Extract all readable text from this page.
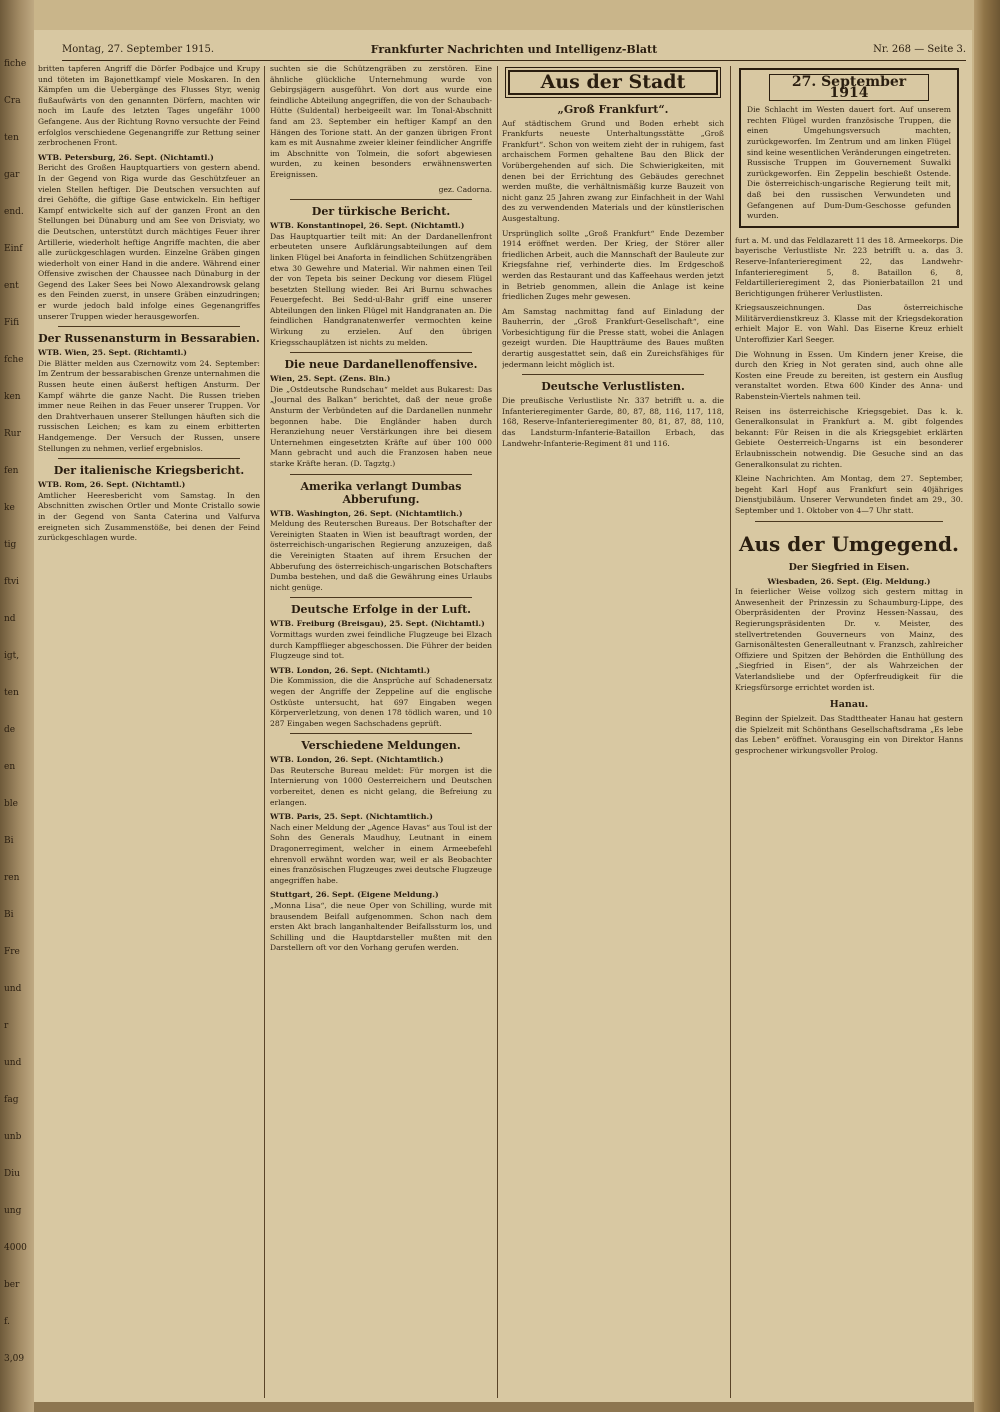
fiche
Cra
ten
gar
end.
Einf
ent
Fifi
fche
ken
Rur
fen
ke
tig
ftvi
nd
igt,
ten
de
en
ble
Bi
ren
Bi
Fre
und
r
und
fag
unb
Diu
ung
4000
ber
f.
3,09
Montag, 27. September 1915.	Frankfurter Nachrichten und Intelligenz-Blatt	Nr. 268 — Seite 3.
britten tapferen Angriff die Dörfer Podbajce und Krupy und töteten im Bajonettkampf viele Moskaren. In den Kämpfen um die Uebergänge des Flusses Styr, wenig flußaufwärts von den genannten Dörfern, machten wir noch im Laufe des letzten Tages ungefähr 1000 Gefangene. Aus der Richtung Rovno versuchte der Feind erfolglos verschiedene Gegenangriffe zur Rettung seiner zerbrochenen Front.
WTB. Petersburg, 26. Sept. (Nichtamtl.)
Bericht des Großen Hauptquartiers von gestern abend. In der Gegend von Riga wurde das Geschützfeuer an vielen Stellen heftiger. Die Deutschen versuchten auf drei Gehöfte, die giftige Gase entwickeln. Ein heftiger Kampf entwickelte sich auf der ganzen Front an den Stellungen bei Dünaburg und am See von Drisviaty, wo die Deutschen, unterstützt durch mächtiges Feuer ihrer Artillerie, wiederholt heftige Angriffe machten, die aber alle zurückgeschlagen wurden. Einzelne Gräben gingen wiederholt von einer Hand in die andere. Während einer Offensive zwischen der Chaussee nach Dünaburg in der Gegend des Laker Sees bei Nowo Alexandrowsk gelang es den Feinden zuerst, in unsere Gräben einzudringen; er wurde jedoch bald infolge eines Gegenangriffes unserer Truppen wieder herausgeworfen.
Der Russenansturm in Bessarabien.
WTB. Wien, 25. Sept. (Richtamtl.)
Die Blätter melden aus Czernowitz vom 24. September: Im Zentrum der bessarabischen Grenze unternahmen die Russen heute einen äußerst heftigen Ansturm. Der Kampf währte die ganze Nacht. Die Russen trieben immer neue Reihen in das Feuer unserer Truppen. Vor den Drahtverhauen unserer Stellungen häuften sich die russischen Leichen; es kam zu einem erbitterten Handgemenge. Der Versuch der Russen, unsere Stellungen zu nehmen, verlief ergebnislos.
Der italienische Kriegsbericht.
WTB. Rom, 26. Sept. (Nichtamtl.)
Amtlicher Heeresbericht vom Samstag. In den Abschnitten zwischen Ortler und Monte Cristallo sowie in der Gegend von Santa Caterina und Valfurva ereigneten sich Zusammenstöße, bei denen der Feind zurückgeschlagen wurde.
suchten sie die Schützengräben zu zerstören. Eine ähnliche glückliche Unternehmung wurde von Gebirgsjägern ausgeführt. Von dort aus wurde eine feindliche Abteilung angegriffen, die von der Schaubach-Hütte (Suldental) herbeigeeilt war. Im Tonal-Abschnitt fand am 23. September ein heftiger Kampf an den Hängen des Torione statt. An der ganzen übrigen Front kam es mit Ausnahme zweier kleiner feindlicher Angriffe im Abschnitte von Tolmein, die sofort abgewiesen wurden, zu keinen besonders erwähnenswerten Ereignissen.
gez. Cadorna.
Der türkische Bericht.
WTB. Konstantinopel, 26. Sept. (Nichtamtl.)
Das Hauptquartier teilt mit: An der Dardanellenfront erbeuteten unsere Aufklärungsabteilungen auf dem linken Flügel bei Anaforta in feindlichen Schützengräben etwa 30 Gewehre und Material. Wir nahmen einen Teil der von Tepeta bis seiner Deckung vor diesem Flügel besetzten Stellung wieder. Bei Ari Burnu schwaches Feuergefecht. Bei Sedd-ul-Bahr griff eine unserer Abteilungen den linken Flügel mit Handgranaten an. Die feindlichen Handgranatenwerfer vermochten keine Wirkung zu erzielen. Auf den übrigen Kriegsschauplätzen ist nichts zu melden.
Die neue Dardanellenoffensive.
Wien, 25. Sept. (Zens. Bln.)
Die „Ostdeutsche Rundschau“ meldet aus Bukarest: Das „Journal des Balkan“ berichtet, daß der neue große Ansturm der Verbündeten auf die Dardanellen nunmehr begonnen habe. Die Engländer haben durch Heranziehung neuer Verstärkungen ihre bei diesem Unternehmen eingesetzten Kräfte auf über 100 000 Mann gebracht und auch die Franzosen haben neue starke Kräfte heran. (D. Tagztg.)
Amerika verlangt Dumbas Abberufung.
WTB. Washington, 26. Sept. (Nichtamtlich.)
Meldung des Reuterschen Bureaus. Der Botschafter der Vereinigten Staaten in Wien ist beauftragt worden, der österreichisch-ungarischen Regierung anzuzeigen, daß die Vereinigten Staaten auf ihrem Ersuchen der Abberufung des österreichisch-ungarischen Botschafters Dumba bestehen, und daß die Gewährung eines Urlaubs nicht genüge.
Deutsche Erfolge in der Luft.
WTB. Freiburg (Breisgau), 25. Sept. (Nichtamtl.)
Vormittags wurden zwei feindliche Flugzeuge bei Elzach durch Kampfflieger abgeschossen. Die Führer der beiden Flugzeuge sind tot.
WTB. London, 26. Sept. (Nichtamtl.)
Die Kommission, die die Ansprüche auf Schadenersatz wegen der Angriffe der Zeppeline auf die englische Ostküste untersucht, hat 697 Eingaben wegen Körperverletzung, von denen 178 tödlich waren, und 10 287 Eingaben wegen Sachschadens geprüft.
Verschiedene Meldungen.
WTB. London, 26. Sept. (Nichtamtlich.)
Das Reutersche Bureau meldet: Für morgen ist die Internierung von 1000 Oesterreichern und Deutschen vorbereitet, denen es nicht gelang, die Befreiung zu erlangen.
WTB. Paris, 25. Sept. (Nichtamtlich.)
Nach einer Meldung der „Agence Havas“ aus Toul ist der Sohn des Generals Maudhuy, Leutnant in einem Dragonerregiment, welcher in einem Armeebefehl ehrenvoll erwähnt worden war, weil er als Beobachter eines französischen Flugzeuges zwei deutsche Flugzeuge angegriffen habe.
Stuttgart, 26. Sept. (Eigene Meldung.)
„Monna Lisa“, die neue Oper von Schilling, wurde mit brausendem Beifall aufgenommen. Schon nach dem ersten Akt brach langanhaltender Beifallssturm los, und Schilling und die Hauptdarsteller mußten mit den Darstellern oft vor den Vorhang gerufen werden.
Aus der Stadt
„Groß Frankfurt“.
Auf städtischem Grund und Boden erhebt sich Frankfurts neueste Unterhaltungsstätte „Groß Frankfurt“. Schon von weitem zieht der in ruhigem, fast archaischem Formen gehaltene Bau den Blick der Vorübergehenden auf sich. Die Schwierigkeiten, mit denen bei der Errichtung des Gebäudes gerechnet werden mußte, die verhältnismäßig kurze Bauzeit von nicht ganz 25 Jahren zwang zur Einfachheit in der Wahl des zu verwendenden Materials und der künstlerischen Ausgestaltung.
Ursprünglich sollte „Groß Frankfurt“ Ende Dezember 1914 eröffnet werden. Der Krieg, der Störer aller friedlichen Arbeit, auch die Mannschaft der Bauleute zur Kriegsfahne rief, verhinderte dies. Im Erdgeschoß werden das Restaurant und das Kaffeehaus werden jetzt in Betrieb genommen, allein die Anlage ist keine friedlichen Zuges mehr gewesen.
Am Samstag nachmittag fand auf Einladung der Bauherrin, der „Groß Frankfurt-Gesellschaft“, eine Vorbesichtigung für die Presse statt, wobei die Anlagen gezeigt wurden. Die Hauptträume des Baues mußten derartig ausgestattet sein, daß ein Zureichsfähiges für jedermann leicht möglich ist.
Deutsche Verlustlisten.
Die preußische Verlustliste Nr. 337 betrifft u. a. die Infanterieregimenter Garde, 80, 87, 88, 116, 117, 118, 168, Reserve-Infanterieregimenter 80, 81, 87, 88, 110, das Landsturm-Infanterie-Bataillon Erbach, das Landwehr-Infanterie-Regiment 81 und 116.
27. September 1914
Die Schlacht im Westen dauert fort. Auf unserem rechten Flügel wurden französische Truppen, die einen Umgehungsversuch machten, zurückgeworfen. Im Zentrum und am linken Flügel sind keine wesentlichen Veränderungen eingetreten. Russische Truppen im Gouvernement Suwalki zurückgeworfen. Ein Zeppelin beschießt Ostende. Die österreichisch-ungarische Regierung teilt mit, daß bei den russischen Verwundeten und Gefangenen auf Dum-Dum-Geschosse gefunden wurden.
furt a. M. und das Feldlazarett 11 des 18. Armeekorps. Die bayerische Verlustliste Nr. 223 betrifft u. a. das 3. Reserve-Infanterieregiment 22, das Landwehr-Infanterieregiment 5, 8. Bataillon 6, 8, Feldartillerieregiment 2, das Pionierbataillon 21 und Berichtigungen früherer Verlustlisten.
Kriegsauszeichnungen. Das österreichische Militärverdienstkreuz 3. Klasse mit der Kriegsdekoration erhielt Major E. von Wahl. Das Eiserne Kreuz erhielt Unteroffizier Karl Seeger.
Die Wohnung in Essen. Um Kindern jener Kreise, die durch den Krieg in Not geraten sind, auch ohne alle Kosten eine Freude zu bereiten, ist gestern ein Ausflug veranstaltet worden. Etwa 600 Kinder des Anna- und Rabenstein-Viertels nahmen teil.
Reisen ins österreichische Kriegsgebiet. Das k. k. Generalkonsulat in Frankfurt a. M. gibt folgendes bekannt: Für Reisen in die als Kriegsgebiet erklärten Gebiete Oesterreich-Ungarns ist ein besonderer Erlaubnisschein notwendig. Die Gesuche sind an das Generalkonsulat zu richten.
Kleine Nachrichten. Am Montag, dem 27. September, begeht Karl Hopf aus Frankfurt sein 40jähriges Dienstjubiläum. Unserer Verwundeten findet am 29., 30. September und 1. Oktober von 4—7 Uhr statt.
Aus der Umgegend.
Der Siegfried in Eisen.
Wiesbaden, 26. Sept. (Eig. Meldung.)
In feierlicher Weise vollzog sich gestern mittag in Anwesenheit der Prinzessin zu Schaumburg-Lippe, des Oberpräsidenten der Provinz Hessen-Nassau, des Regierungspräsidenten Dr. v. Meister, des stellvertretenden Gouverneurs von Mainz, des Garnisonältesten Generalleutnant v. Franzsch, zahlreicher Offiziere und Spitzen der Behörden die Enthüllung des „Siegfried in Eisen“, der als Wahrzeichen der Vaterlandsliebe und der Opferfreudigkeit für die Kriegsfürsorge errichtet worden ist.
Hanau.
Beginn der Spielzeit. Das Stadttheater Hanau hat gestern die Spielzeit mit Schönthans Gesellschaftsdrama „Es lebe das Leben“ eröffnet. Vorausging ein von Direktor Hanns gesprochener wirkungsvoller Prolog.
